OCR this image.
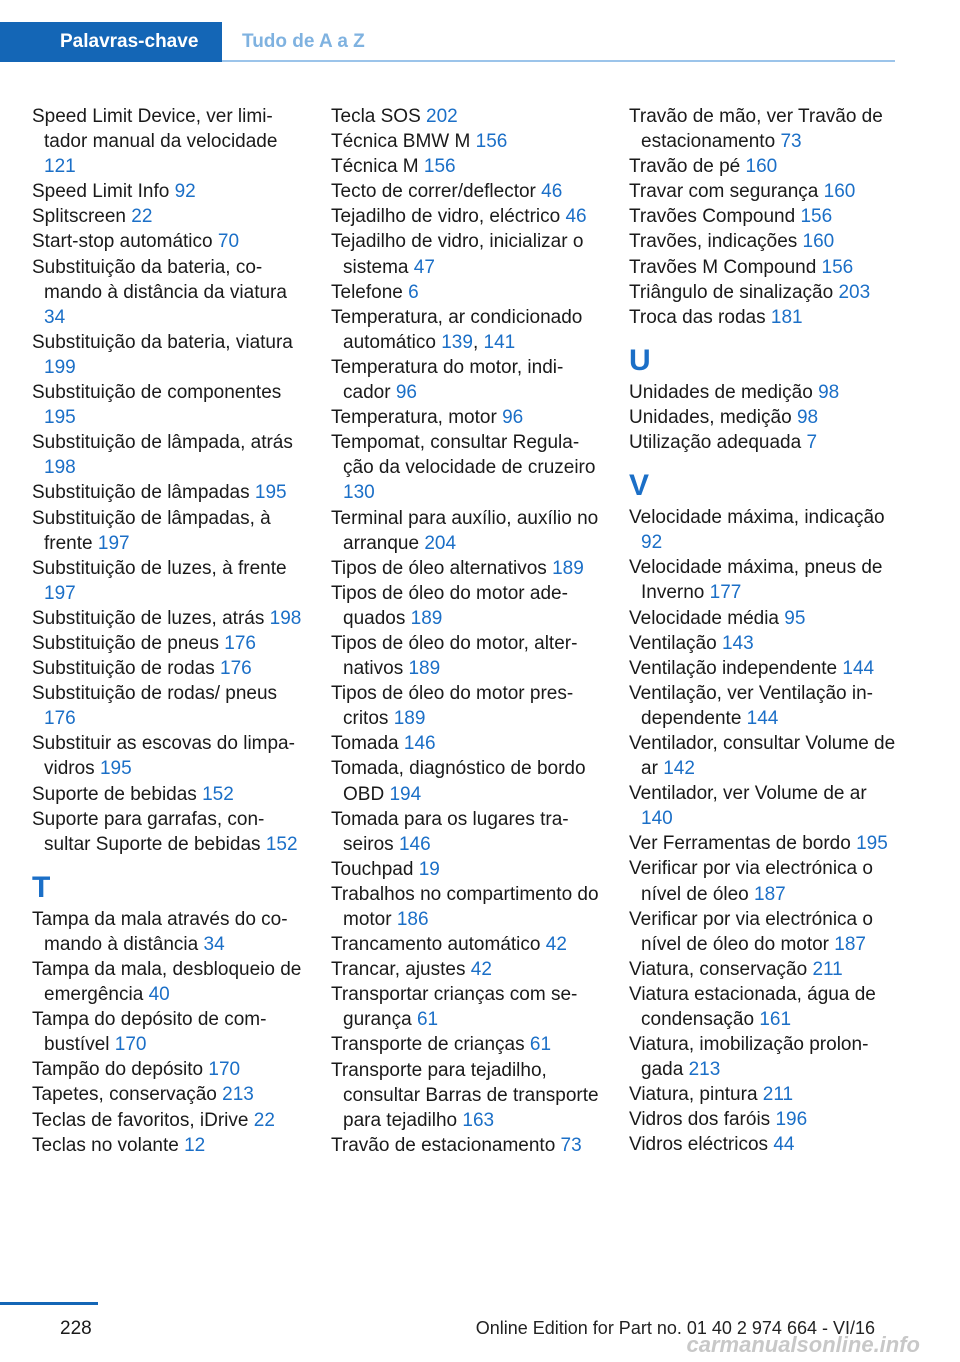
Palavras-chave	Tudo de A a Z

Speed Limit Device, ver limitador manual da velocidade 121

Speed Limit Info 92

Splitscreen 22

Start-stop automático 70

Substituição da bateria, comando à distância da viatura 34

Substituição da bateria, viatura 199

Substituição de componentes 195

Substituição de lâmpada, atrás 198

Substituição de lâmpadas 195

Substituição de lâmpadas, à frente 197

Substituição de luzes, à frente 197

Substituição de luzes, atrás 198

Substituição de pneus 176

Substituição de rodas 176

Substituição de rodas/ pneus 176

Substituir as escovas do limpa-vidros 195

Suporte de bebidas 152

Suporte para garrafas, consultar Suporte de bebidas 152

T

Tampa da mala através do comando à distância 34

Tampa da mala, desbloqueio de emergência 40

Tampa do depósito de combustível 170

Tampão do depósito 170

Tapetes, conservação 213

Teclas de favoritos, iDrive 22

Teclas no volante 12

Tecla SOS 202

Técnica BMW M 156

Técnica M 156

Tecto de correr/deflector 46

Tejadilho de vidro, eléctrico 46

Tejadilho de vidro, inicializar o sistema 47

Telefone 6

Temperatura, ar condicionado automático 139, 141

Temperatura do motor, indicador 96

Temperatura, motor 96

Tempomat, consultar Regulação da velocidade de cruzeiro 130

Terminal para auxílio, auxílio no arranque 204

Tipos de óleo alternativos 189

Tipos de óleo do motor adequados 189

Tipos de óleo do motor, alternativos 189

Tipos de óleo do motor prescritos 189

Tomada 146

Tomada, diagnóstico de bordo OBD 194

Tomada para os lugares traseiros 146

Touchpad 19

Trabalhos no compartimento do motor 186

Trancamento automático 42

Trancar, ajustes 42

Transportar crianças com segurança 61

Transporte de crianças 61

Transporte para tejadilho, consultar Barras de transporte para tejadilho 163

Travão de estacionamento 73

Travão de mão, ver Travão de estacionamento 73

Travão de pé 160

Travar com segurança 160

Travões Compound 156

Travões, indicações 160

Travões M Compound 156

Triângulo de sinalização 203

Troca das rodas 181

U

Unidades de medição 98

Unidades, medição 98

Utilização adequada 7

V

Velocidade máxima, indicação 92

Velocidade máxima, pneus de Inverno 177

Velocidade média 95

Ventilação 143

Ventilação independente 144

Ventilação, ver Ventilação independente 144

Ventilador, consultar Volume de ar 142

Ventilador, ver Volume de ar 140

Ver Ferramentas de bordo 195

Verificar por via electrónica o nível de óleo 187

Verificar por via electrónica o nível de óleo do motor 187

Viatura, conservação 211

Viatura estacionada, água de condensação 161

Viatura, imobilização prolongada 213

Viatura, pintura 211

Vidros dos faróis 196

Vidros eléctricos 44

228	Online Edition for Part no. 01 40 2 974 664 - VI/16
carmanualsonline.info
